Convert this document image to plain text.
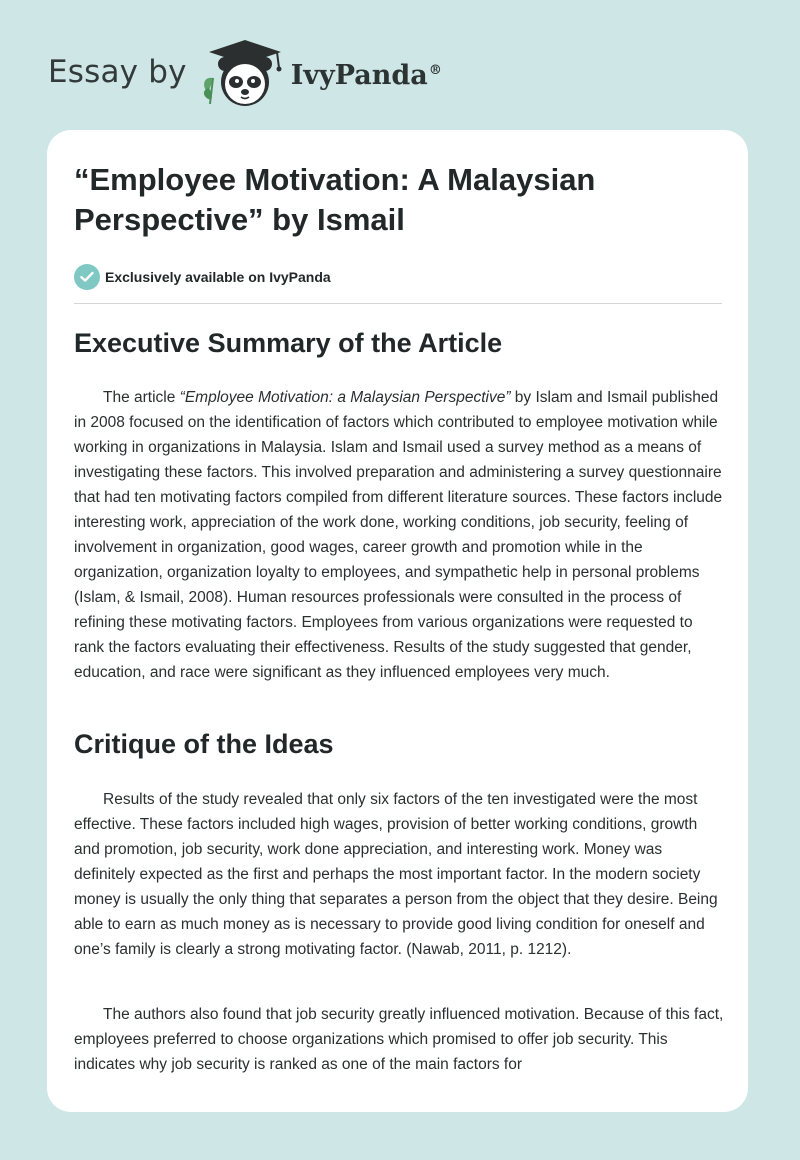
Essay by	IvyPanda®
“Employee Motivation: A Malaysian Perspective” by Ismail
Exclusively available on IvyPanda
Executive Summary of the Article

The article “Employee Motivation: a Malaysian Perspective” by Islam and Ismail published in 2008 focused on the identification of factors which contributed to employee motivation while working in organizations in Malaysia. Islam and Ismail used a survey method as a means of investigating these factors. This involved preparation and administering a survey questionnaire that had ten motivating factors compiled from different literature sources. These factors include interesting work, appreciation of the work done, working conditions, job security, feeling of involvement in organization, good wages, career growth and promotion while in the organization, organization loyalty to employees, and sympathetic help in personal problems (Islam, & Ismail, 2008). Human resources professionals were consulted in the process of refining these motivating factors. Employees from various organizations were requested to rank the factors evaluating their effectiveness. Results of the study suggested that gender, education, and race were significant as they influenced employees very much.

Critique of the Ideas

Results of the study revealed that only six factors of the ten investigated were the most effective. These factors included high wages, provision of better working conditions, growth and promotion, job security, work done appreciation, and interesting work. Money was definitely expected as the first and perhaps the most important factor. In the modern society money is usually the only thing that separates a person from the object that they desire. Being able to earn as much money as is necessary to provide good living condition for oneself and one’s family is clearly a strong motivating factor. (Nawab, 2011, p. 1212).

The authors also found that job security greatly influenced motivation. Because of this fact, employees preferred to choose organizations which promised to offer job security. This indicates why job security is ranked as one of the main factors for
